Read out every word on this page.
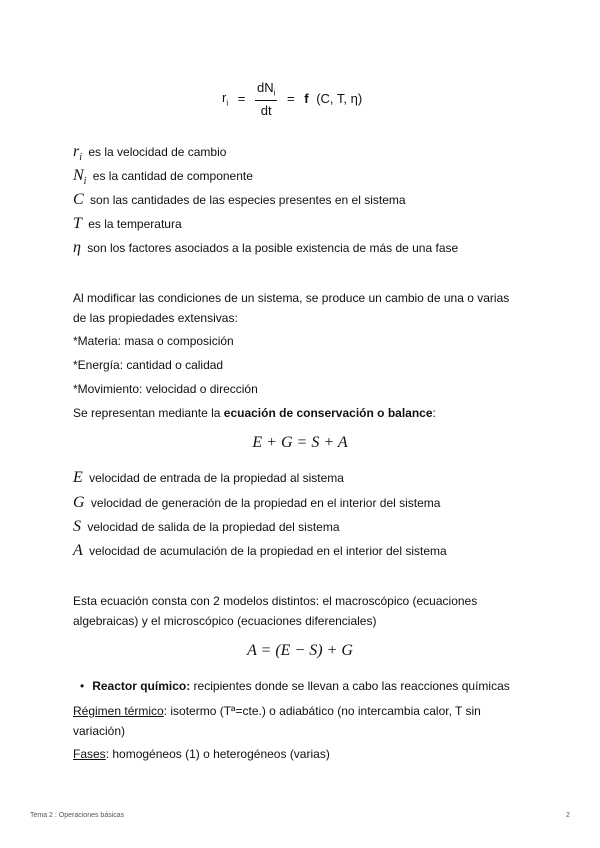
$r_i = \frac{dN_i}{dt} = f$ (C, T, η)
$r_i$ es la velocidad de cambio
$N_i$ es la cantidad de componente
C son las cantidades de las especies presentes en el sistema
T es la temperatura
η son los factores asociados a la posible existencia de más de una fase
Al modificar las condiciones de un sistema, se produce un cambio de una o varias de las propiedades extensivas:
*Materia: masa o composición
*Energía: cantidad o calidad
*Movimiento: velocidad o dirección
Se representan mediante la ecuación de conservación o balance:
E + G = S + A
E velocidad de entrada de la propiedad al sistema
G velocidad de generación de la propiedad en el interior del sistema
S velocidad de salida de la propiedad del sistema
A velocidad de acumulación de la propiedad en el interior del sistema
Esta ecuación consta con 2 modelos distintos: el macroscópico (ecuaciones algebraicas) y el microscópico (ecuaciones diferenciales)
A = (E − S) + G
• Reactor químico: recipientes donde se llevan a cabo las reacciones químicas
Régimen térmico: isotermo (Tª=cte.) o adiabático (no intercambia calor, T sin variación)
Fases: homogéneos (1) o heterogéneos (varias)
Tema 2 : Operaciones básicas	2
